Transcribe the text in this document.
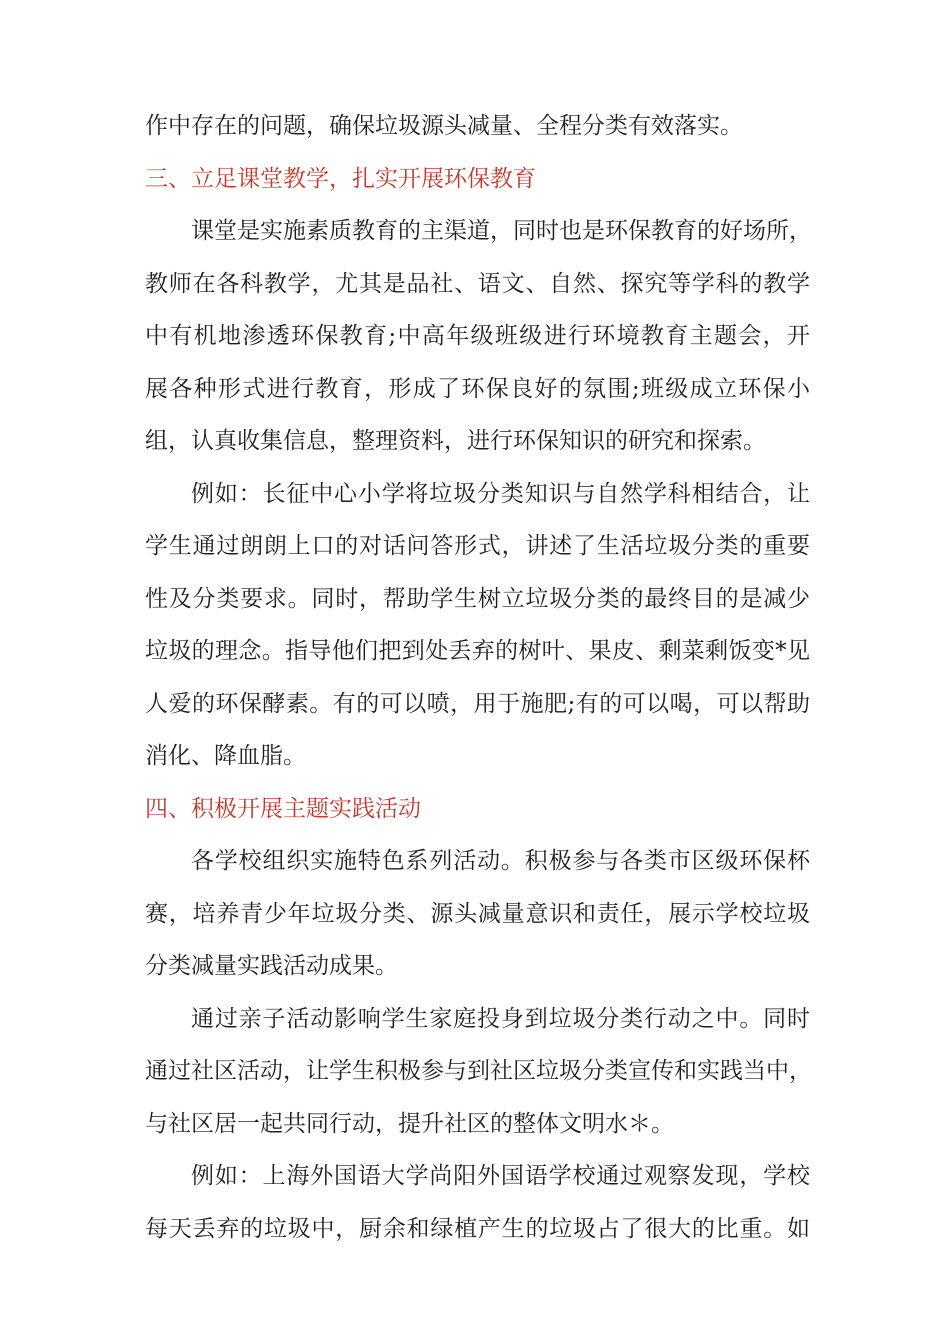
作中存在的问题，确保垃圾源头减量、全程分类有效落实。
三、立足课堂教学，扎实开展环保教育
课堂是实施素质教育的主渠道，同时也是环保教育的好场所，
教师在各科教学，尤其是品社、语文、自然、探究等学科的教学
中有机地渗透环保教育;中高年级班级进行环境教育主题会，开
展各种形式进行教育，形成了环保良好的氛围;班级成立环保小
组，认真收集信息，整理资料，进行环保知识的研究和探索。
例如：长征中心小学将垃圾分类知识与自然学科相结合，让
学生通过朗朗上口的对话问答形式，讲述了生活垃圾分类的重要
性及分类要求。同时，帮助学生树立垃圾分类的最终目的是减少
垃圾的理念。指导他们把到处丢弃的树叶、果皮、剩菜剩饭变*见
人爱的环保酵素。有的可以喷，用于施肥;有的可以喝，可以帮助
消化、降血脂。
四、积极开展主题实践活动
各学校组织实施特色系列活动。积极参与各类市区级环保杯
赛，培养青少年垃圾分类、源头减量意识和责任，展示学校垃圾
分类减量实践活动成果。
通过亲子活动影响学生家庭投身到垃圾分类行动之中。同时
通过社区活动，让学生积极参与到社区垃圾分类宣传和实践当中，
与社区居一起共同行动，提升社区的整体文明水＊。
例如：上海外国语大学尚阳外国语学校通过观察发现，学校
每天丢弃的垃圾中，厨余和绿植产生的垃圾占了很大的比重。如
